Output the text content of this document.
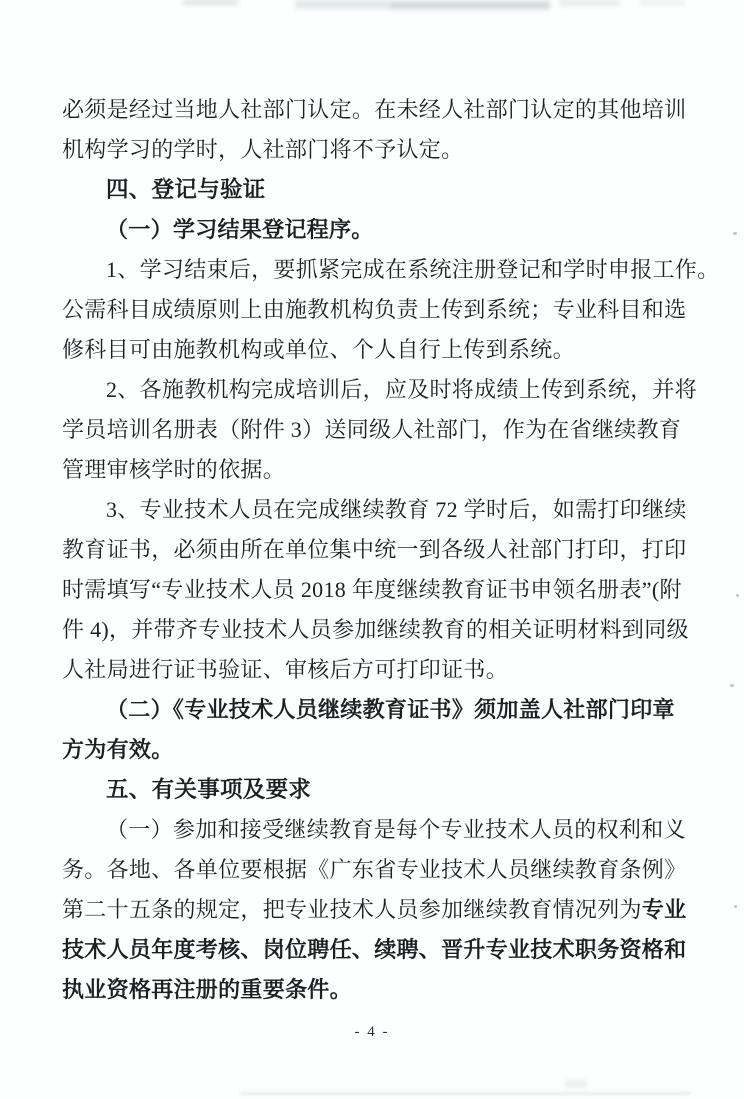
必须是经过当地人社部门认定。在未经人社部门认定的其他培训
机构学习的学时，人社部门将不予认定。
四、登记与验证
（一）学习结果登记程序。
1、学习结束后，要抓紧完成在系统注册登记和学时申报工作。
公需科目成绩原则上由施教机构负责上传到系统；专业科目和选
修科目可由施教机构或单位、个人自行上传到系统。
2、各施教机构完成培训后，应及时将成绩上传到系统，并将
学员培训名册表（附件 3）送同级人社部门，作为在省继续教育
管理审核学时的依据。
3、专业技术人员在完成继续教育 72 学时后，如需打印继续
教育证书，必须由所在单位集中统一到各级人社部门打印，打印
时需填写“专业技术人员 2018 年度继续教育证书申领名册表”(附
件 4)，并带齐专业技术人员参加继续教育的相关证明材料到同级
人社局进行证书验证、审核后方可打印证书。
（二）《专业技术人员继续教育证书》须加盖人社部门印章
方为有效。
五、有关事项及要求
（一）参加和接受继续教育是每个专业技术人员的权利和义
务。各地、各单位要根据《广东省专业技术人员继续教育条例》
第二十五条的规定，把专业技术人员参加继续教育情况列为专业
技术人员年度考核、岗位聘任、续聘、晋升专业技术职务资格和
执业资格再注册的重要条件。
- 4 -
